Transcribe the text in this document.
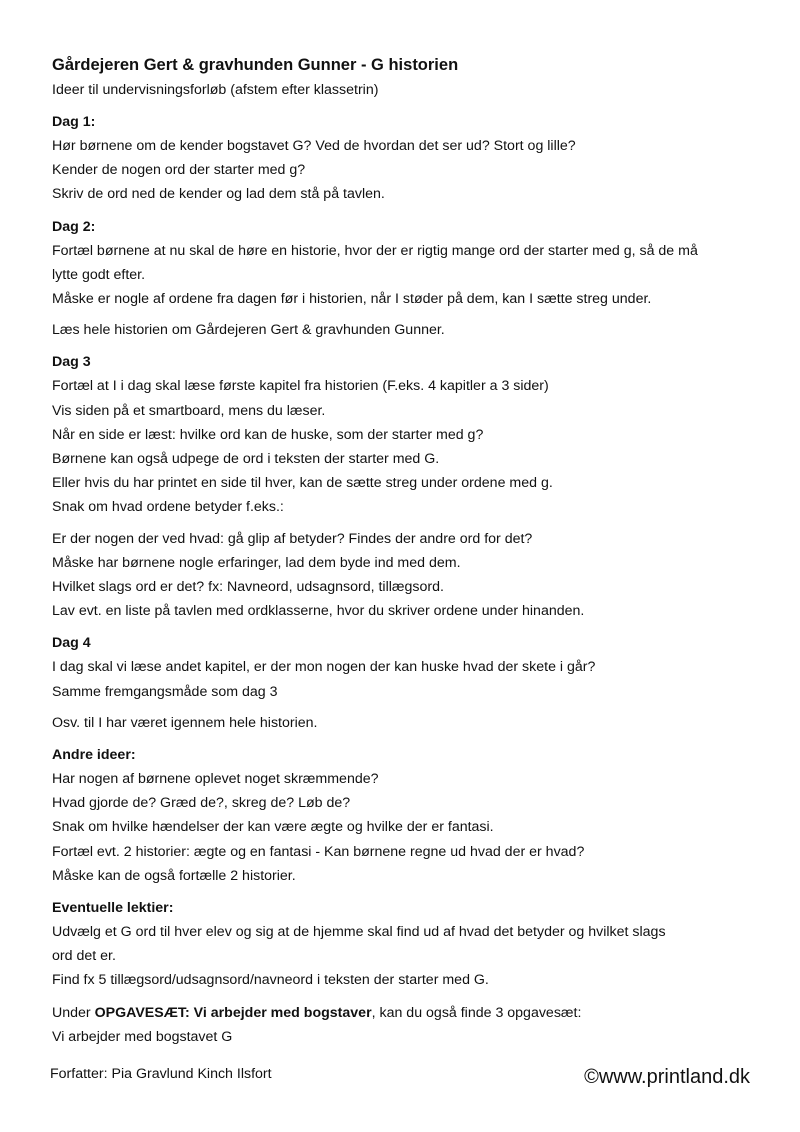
Gårdejeren Gert & gravhunden Gunner - G historien
Ideer til undervisningsforløb (afstem efter klassetrin)
Dag 1:
Hør børnene om de kender bogstavet G? Ved de hvordan det ser ud? Stort og lille?
Kender de nogen ord der starter med g?
Skriv de ord ned de kender og lad dem stå på tavlen.
Dag 2:
Fortæl børnene at nu skal de høre en historie, hvor der er rigtig mange ord der starter med g, så de må
lytte godt efter.
Måske er nogle af ordene fra dagen før i historien, når I støder på dem, kan I sætte streg under.
Læs hele historien om Gårdejeren Gert & gravhunden Gunner.
Dag 3
Fortæl at I i dag skal læse første kapitel fra historien (F.eks. 4 kapitler a 3 sider)
Vis siden på et smartboard, mens du læser.
Når en side er læst: hvilke ord kan de huske, som der starter med g?
Børnene kan også udpege de ord i teksten der starter med G.
Eller hvis du har printet en side til hver, kan de sætte streg under ordene med g.
Snak om hvad ordene betyder f.eks.:
Er der nogen der ved hvad: gå glip af betyder? Findes der andre ord for det?
Måske har børnene nogle erfaringer, lad dem byde ind med dem.
Hvilket slags ord er det? fx: Navneord, udsagnsord, tillægsord.
Lav evt. en liste på tavlen med ordklasserne, hvor du skriver ordene under hinanden.
Dag 4
I dag skal vi læse andet kapitel, er der mon nogen der kan huske hvad der skete i går?
Samme fremgangsmåde som dag 3
Osv. til I har været igennem hele historien.
Andre ideer:
Har nogen af børnene oplevet noget skræmmende?
Hvad gjorde de? Græd de?, skreg de? Løb de?
Snak om hvilke hændelser der kan være ægte og hvilke der er fantasi.
Fortæl evt. 2 historier: ægte og en fantasi - Kan børnene regne ud hvad der er hvad?
Måske kan de også fortælle 2 historier.
Eventuelle lektier:
Udvælg et G ord til hver elev og sig at de hjemme skal find ud af hvad det betyder og hvilket slags
ord det er.
Find fx 5 tillægsord/udsagnsord/navneord i teksten der starter med G.
Under OPGAVESÆT: Vi arbejder med bogstaver, kan du også finde 3 opgavesæt:
Vi arbejder med bogstavet G
Forfatter: Pia Gravlund Kinch Ilsfort	©www.printland.dk
